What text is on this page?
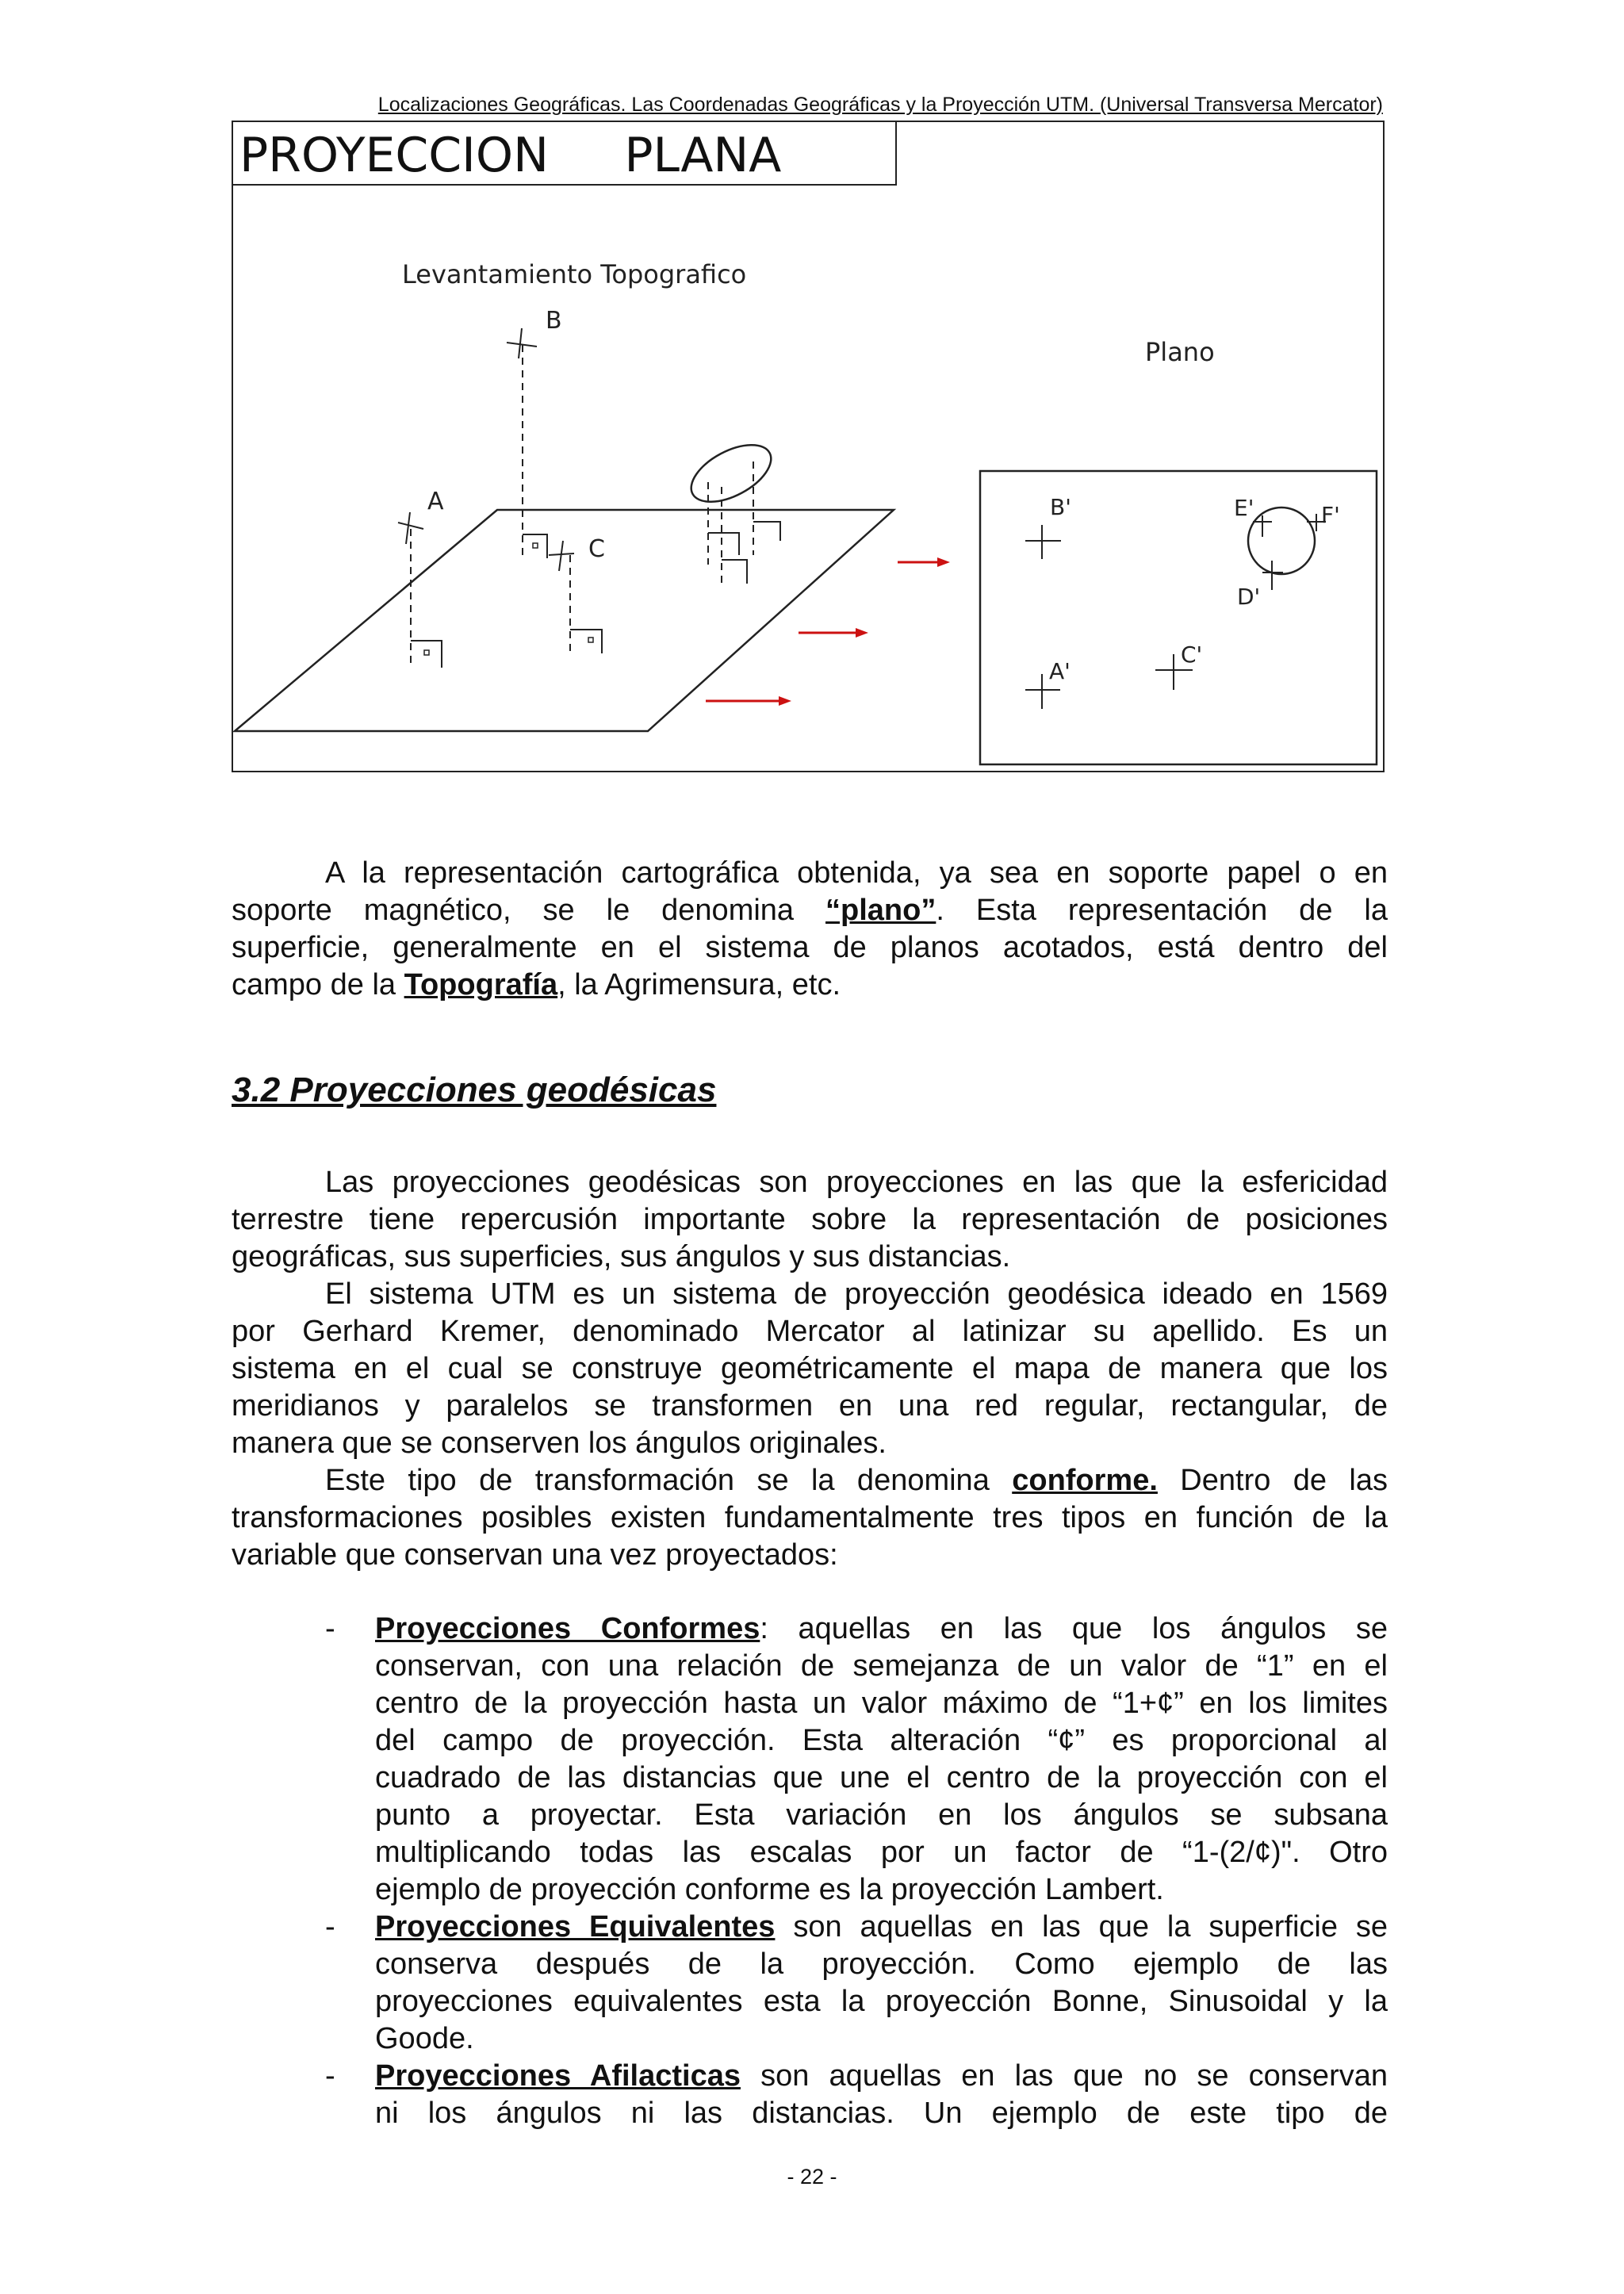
Localizaciones Geográficas. Las Coordenadas Geográficas y la Proyección UTM. (Universal Transversa Mercator)
PROYECCION     PLANA
Levantamiento Topografico
Plano
A
B
C
B'
A'
C'
E'	F'
D'
A la representación cartográfica obtenida, ya sea en soporte papel o en
soporte magnético, se le denomina “plano”. Esta representación de la
superficie, generalmente en el sistema de planos acotados, está dentro del
campo de la Topografía, la Agrimensura, etc.
3.2 Proyecciones geodésicas
Las proyecciones geodésicas son proyecciones en las que la esfericidad
terrestre tiene repercusión importante sobre la representación de posiciones
geográficas, sus superficies, sus ángulos y sus distancias.
El sistema UTM es un sistema de proyección geodésica ideado en 1569
por Gerhard Kremer, denominado Mercator al latinizar su apellido. Es un
sistema en el cual se construye geométricamente el mapa de manera que los
meridianos y paralelos se transformen en una red regular, rectangular, de
manera que se conserven los ángulos originales.
Este tipo de transformación se la denomina conforme. Dentro de las
transformaciones posibles existen fundamentalmente tres tipos en función de la
variable que conservan una vez proyectados:
- Proyecciones Conformes: aquellas en las que los ángulos se
conservan, con una relación de semejanza de un valor de “1” en el
centro de la proyección hasta un valor máximo de “1+¢” en los limites
del campo de proyección. Esta alteración “¢” es proporcional al
cuadrado de las distancias que une el centro de la proyección con el
punto a proyectar. Esta variación en los ángulos se subsana
multiplicando todas las escalas por un factor de “1-(2/¢)". Otro
ejemplo de proyección conforme es la proyección Lambert.
- Proyecciones Equivalentes son aquellas en las que la superficie se
conserva después de la proyección. Como ejemplo de las
proyecciones equivalentes esta la proyección Bonne, Sinusoidal y la
Goode.
- Proyecciones Afilacticas son aquellas en las que no se conservan
ni los ángulos ni las distancias. Un ejemplo de este tipo de
- 22 -
